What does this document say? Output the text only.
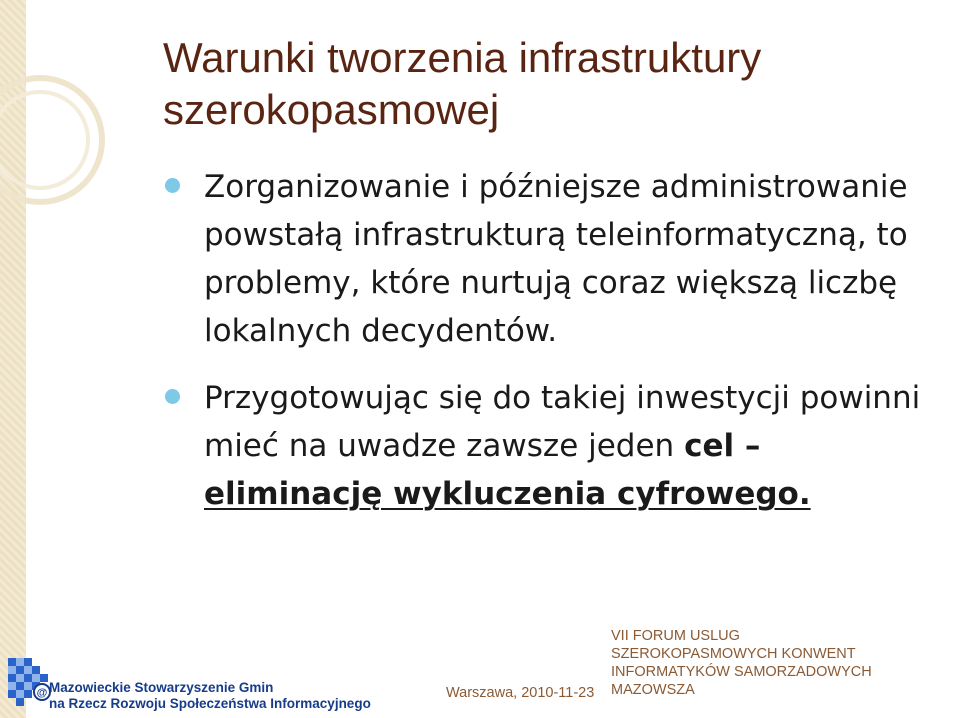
Warunki tworzenia infrastruktury szerokopasmowej
Zorganizowanie i późniejsze administrowanie powstałą infrastrukturą teleinformatyczną, to problemy, które nurtują coraz większą liczbę lokalnych decydentów.
Przygotowując się do takiej inwestycji powinni mieć na uwadze zawsze jeden cel – eliminację wykluczenia cyfrowego.
@ Mazowieckie Stowarzyszenie Gmin
na Rzecz Rozwoju Społeczeństwa Informacyjnego
Warszawa, 2010-11-23
VII FORUM USLUG
SZEROKOPASMOWYCH KONWENT
INFORMATYKÓW SAMORZADOWYCH
MAZOWSZA
